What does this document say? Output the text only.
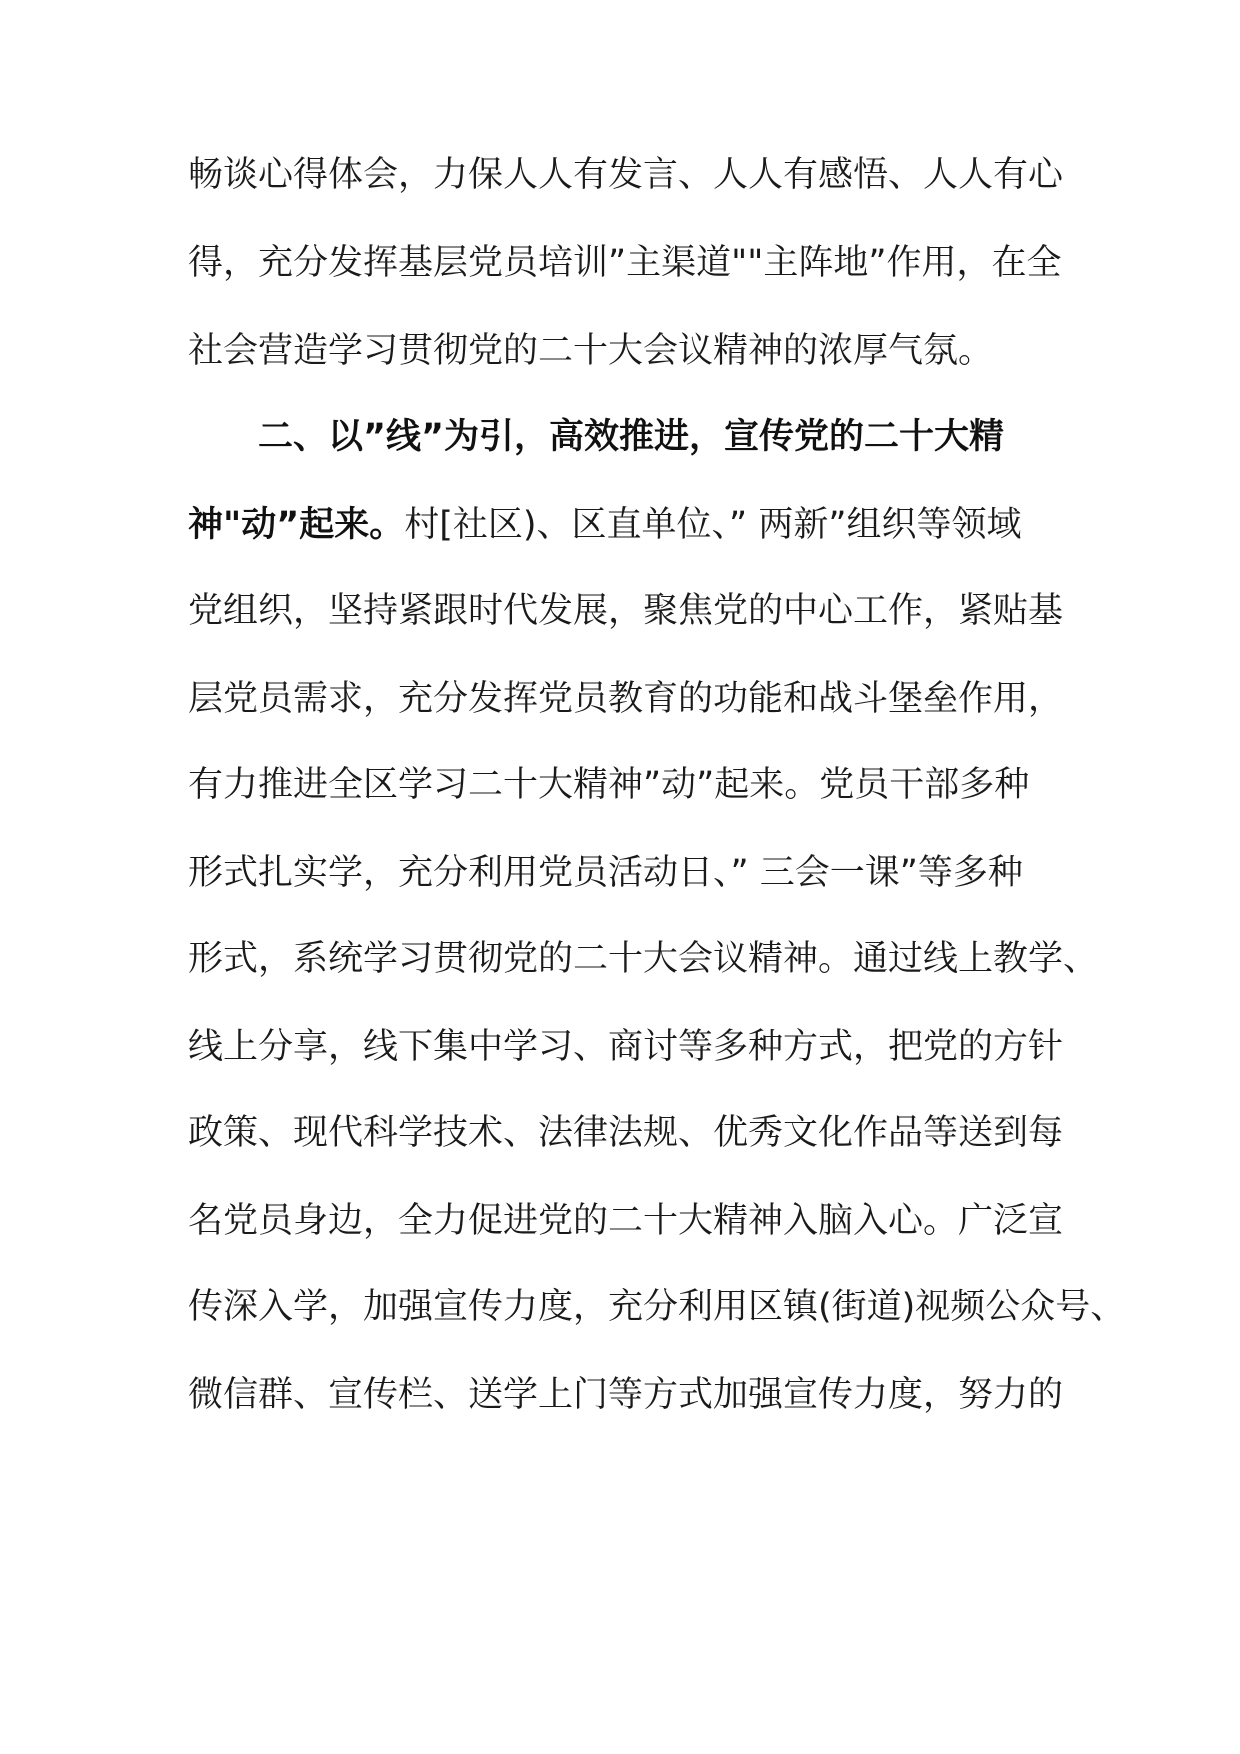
畅谈心得体会，力保人人有发言、人人有感悟、人人有心
得，充分发挥基层党员培训”主渠道""主阵地”作用，在全
社会营造学习贯彻党的二十大会议精神的浓厚气氛。
二、以”线”为引，高效推进，宣传党的二十大精
神"动”起来。村[社区)、区直单位、” 两新”组织等领域
党组织，坚持紧跟时代发展，聚焦党的中心工作，紧贴基
层党员需求，充分发挥党员教育的功能和战斗堡垒作用，
有力推进全区学习二十大精神”动”起来。党员干部多种
形式扎实学，充分利用党员活动日、” 三会一课”等多种
形式，系统学习贯彻党的二十大会议精神。通过线上教学、
线上分享，线下集中学习、商讨等多种方式，把党的方针
政策、现代科学技术、法律法规、优秀文化作品等送到每
名党员身边，全力促进党的二十大精神入脑入心。广泛宣
传深入学，加强宣传力度，充分利用区镇(街道)视频公众号、
微信群、宣传栏、送学上门等方式加强宣传力度，努力的
